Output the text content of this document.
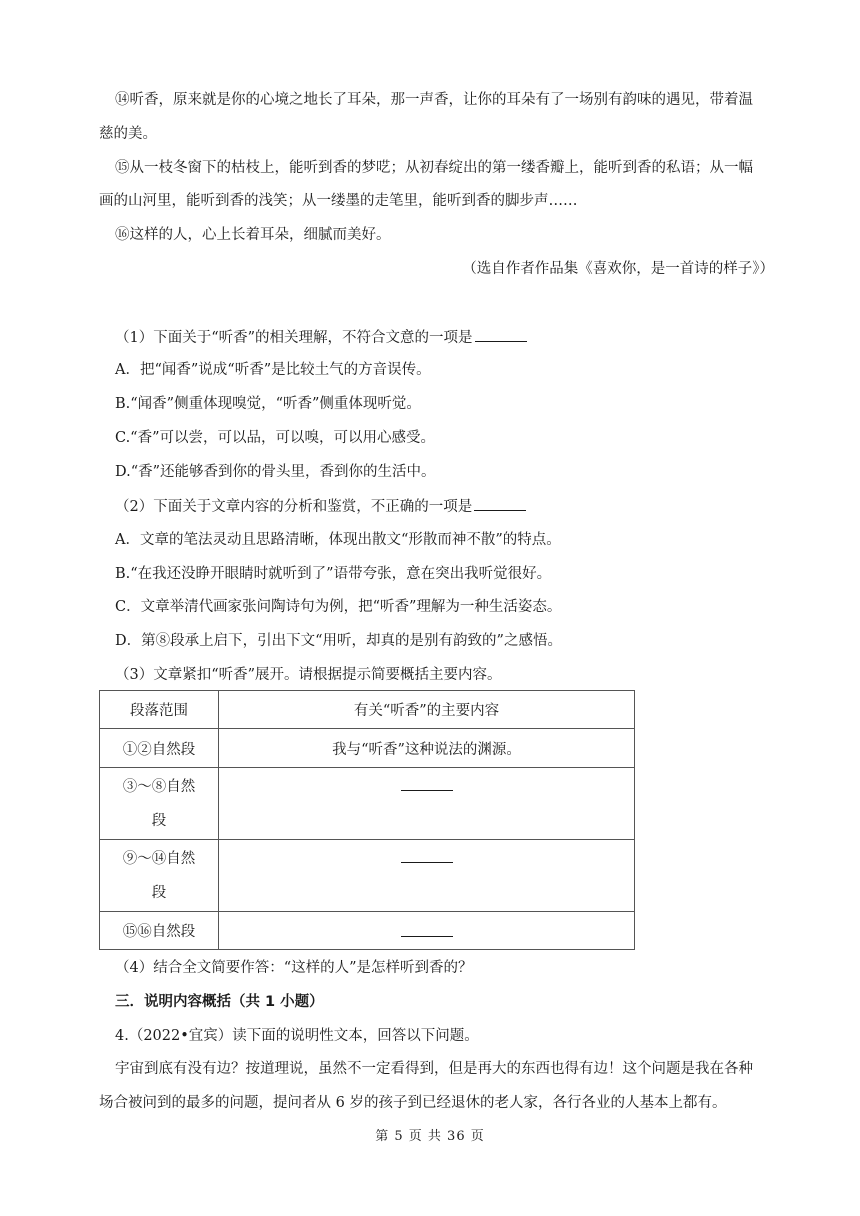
⑭听香，原来就是你的心境之地长了耳朵，那一声香，让你的耳朵有了一场别有韵味的遇见，带着温
慈的美。
⑮从一枝冬窗下的枯枝上，能听到香的梦呓；从初春绽出的第一缕香瓣上，能听到香的私语；从一幅
画的山河里，能听到香的浅笑；从一缕墨的走笔里，能听到香的脚步声……
⑯这样的人，心上长着耳朵，细腻而美好。
（选自作者作品集《喜欢你，是一首诗的样子》）
（1）下面关于“听香”的相关理解，不符合文意的一项是
A．把“闻香”说成“听香”是比较土气的方音误传。
B.“闻香”侧重体现嗅觉，“听香”侧重体现听觉。
C.“香”可以尝，可以品，可以嗅，可以用心感受。
D.“香”还能够香到你的骨头里，香到你的生活中。
（2）下面关于文章内容的分析和鉴赏，不正确的一项是
A．文章的笔法灵动且思路清晰，体现出散文“形散而神不散”的特点。
B.“在我还没睁开眼睛时就听到了”语带夸张，意在突出我听觉很好。
C．文章举清代画家张问陶诗句为例，把“听香”理解为一种生活姿态。
D．第⑧段承上启下，引出下文“用听，却真的是别有韵致的”之感悟。
（3）文章紧扣“听香”展开。请根据提示简要概括主要内容。
段落范围	有关“听香”的主要内容
①②自然段	我与“听香”这种说法的渊源。

③～⑧自然
段	

⑨～⑭自然
段	

⑮⑯自然段	
（4）结合全文简要作答：“这样的人”是怎样听到香的？
三．说明内容概括（共 1 小题）
4.（2022•宜宾）读下面的说明性文本，回答以下问题。
宇宙到底有没有边？按道理说，虽然不一定看得到，但是再大的东西也得有边！这个问题是我在各种
场合被问到的最多的问题，提问者从 6 岁的孩子到已经退休的老人家，各行各业的人基本上都有。
第 5 页 共 36 页
